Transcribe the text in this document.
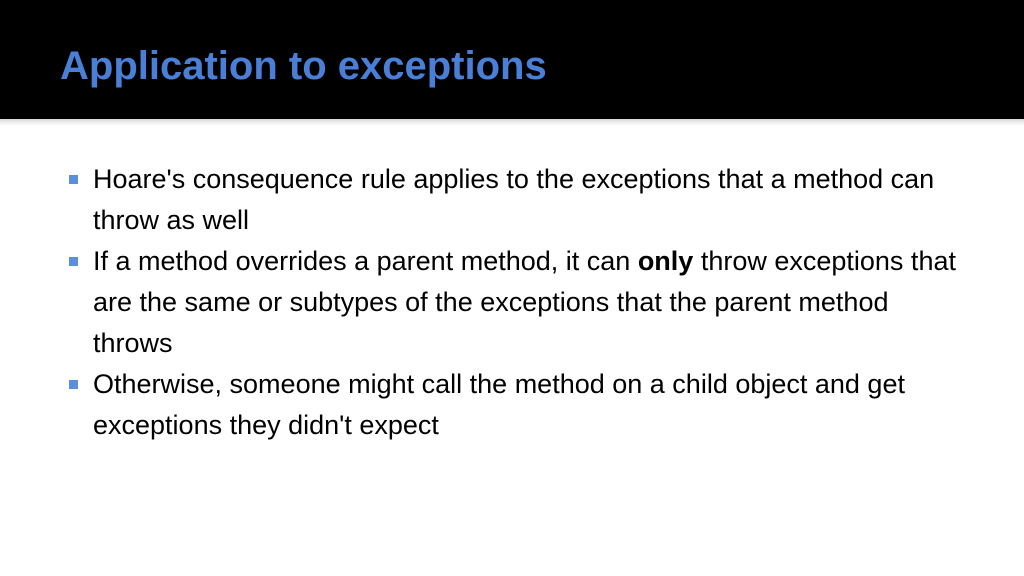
Application to exceptions
Hoare's consequence rule applies to the exceptions that a method can throw as well
If a method overrides a parent method, it can only throw exceptions that are the same or subtypes of the exceptions that the parent method throws
Otherwise, someone might call the method on a child object and get exceptions they didn't expect
